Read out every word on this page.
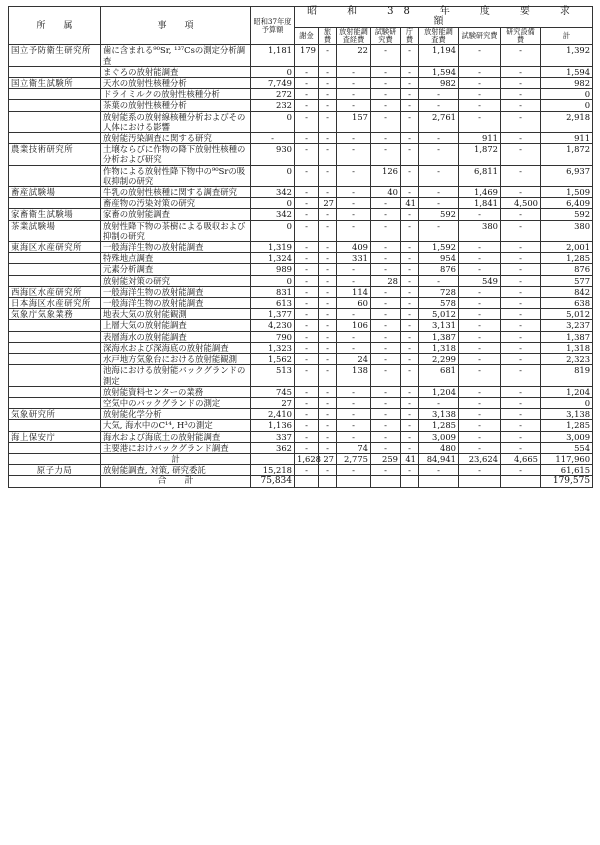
所　　属	事　　項	昭和37年度予算額	昭　和　38　年　度　要　求　額								
			謝金	旅費	放射能調査経費	試験研究費	庁費	放射能調査費	試験研究費	研究設備費	計
国立予防衛生研究所	歯に含まれる⁹⁰Sr, ¹³⁷Csの測定分析調査	1,181	179	-	22	-	-	1,194	-	-	1,392
	まぐろの放射能調査	0	-	-	-	-	-	1,594	-	-	1,594
国立衛生試験所	天水の放射性核種分析	7,749	-	-	-	-	-	982	-	-	982
	ドライミルクの放射性核種分析	272	-	-	-	-	-	-	-	-	0
	茶葉の放射性核種分析	232	-	-	-	-	-	-	-	-	0
	放射能系の放射線核種分析およびその人体における影響	0	-	-	157	-	-	2,761	-	-	2,918
	放射能汚染調査に関する研究	-	-	-	-	-	-	-	911	-	911
農業技術研究所	土壌ならびに作物の降下放射性核種の分析および研究	930	-	-	-	-	-	-	1,872	-	1,872
	作物による放射性降下物中の⁹⁰Srの吸収抑制の研究	0	-	-	-	126	-	-	6,811	-	6,937
畜産試験場	牛乳の放射性核種に関する調査研究	342	-	-	-	40	-	-	1,469	-	1,509
	畜産物の汚染対策の研究	0	-	27	-	-	41	-	1,841	4,500	6,409
家畜衛生試験場	家畜の放射能調査	342	-	-	-	-	-	592	-	-	592
茶業試験場	放射性降下物の茶樹による吸収および抑制の研究	0	-	-	-	-	-	-	380	-	380
東海区水産研究所	一般海洋生物の放射能調査	1,319	-	-	409	-	-	1,592	-	-	2,001
	特殊地点調査	1,324	-	-	331	-	-	954	-	-	1,285
	元素分析調査	989	-	-	-	-	-	876	-	-	876
	放射能対策の研究	0	-	-	-	28	-	-	549	-	577
西海区水産研究所	一般海洋生物の放射能調査	831	-	-	114	-	-	728	-	-	842
日本海区水産研究所	一般海洋生物の放射能調査	613	-	-	60	-	-	578	-	-	638
気象庁気象業務	地表大気の放射能観測	1,377	-	-	-	-	-	5,012	-	-	5,012
	上層大気の放射能調査	4,230	-	-	106	-	-	3,131	-	-	3,237
	表層海水の放射能調査	790	-	-	-	-	-	1,387	-	-	1,387
	深海水および深海底の放射能調査	1,323	-	-	-	-	-	1,318	-	-	1,318
	水戸地方気象台における放射能観測	1,562	-	-	24	-	-	2,299	-	-	2,323
	池海における放射能バックグランドの測定	513	-	-	138	-	-	681	-	-	819
	放射能資料センターの業務	745	-	-	-	-	-	1,204	-	-	1,204
	空気中のバックグランドの測定	27	-	-	-	-	-	-	-	-	0
気象研究所	放射能化学分析	2,410	-	-	-	-	-	3,138	-	-	3,138
	大気, 海水中のC¹⁴, H³の測定	1,136	-	-	-	-	-	1,285	-	-	1,285
海上保安庁	海水および海底土の放射能調査	337	-	-	-	-	-	3,009	-	-	3,009
	主要港におけバックグランド調査	362	-	-	74	-	-	480	-	-	554
	計		1,628	27	2,775	259	41	84,941	23,624	4,665	117,960
原子力局	放射能調査, 対策, 研究委託	15,218	-	-	-	-	-	-	-	-	61,615
	合　　計	75,834									179,575
